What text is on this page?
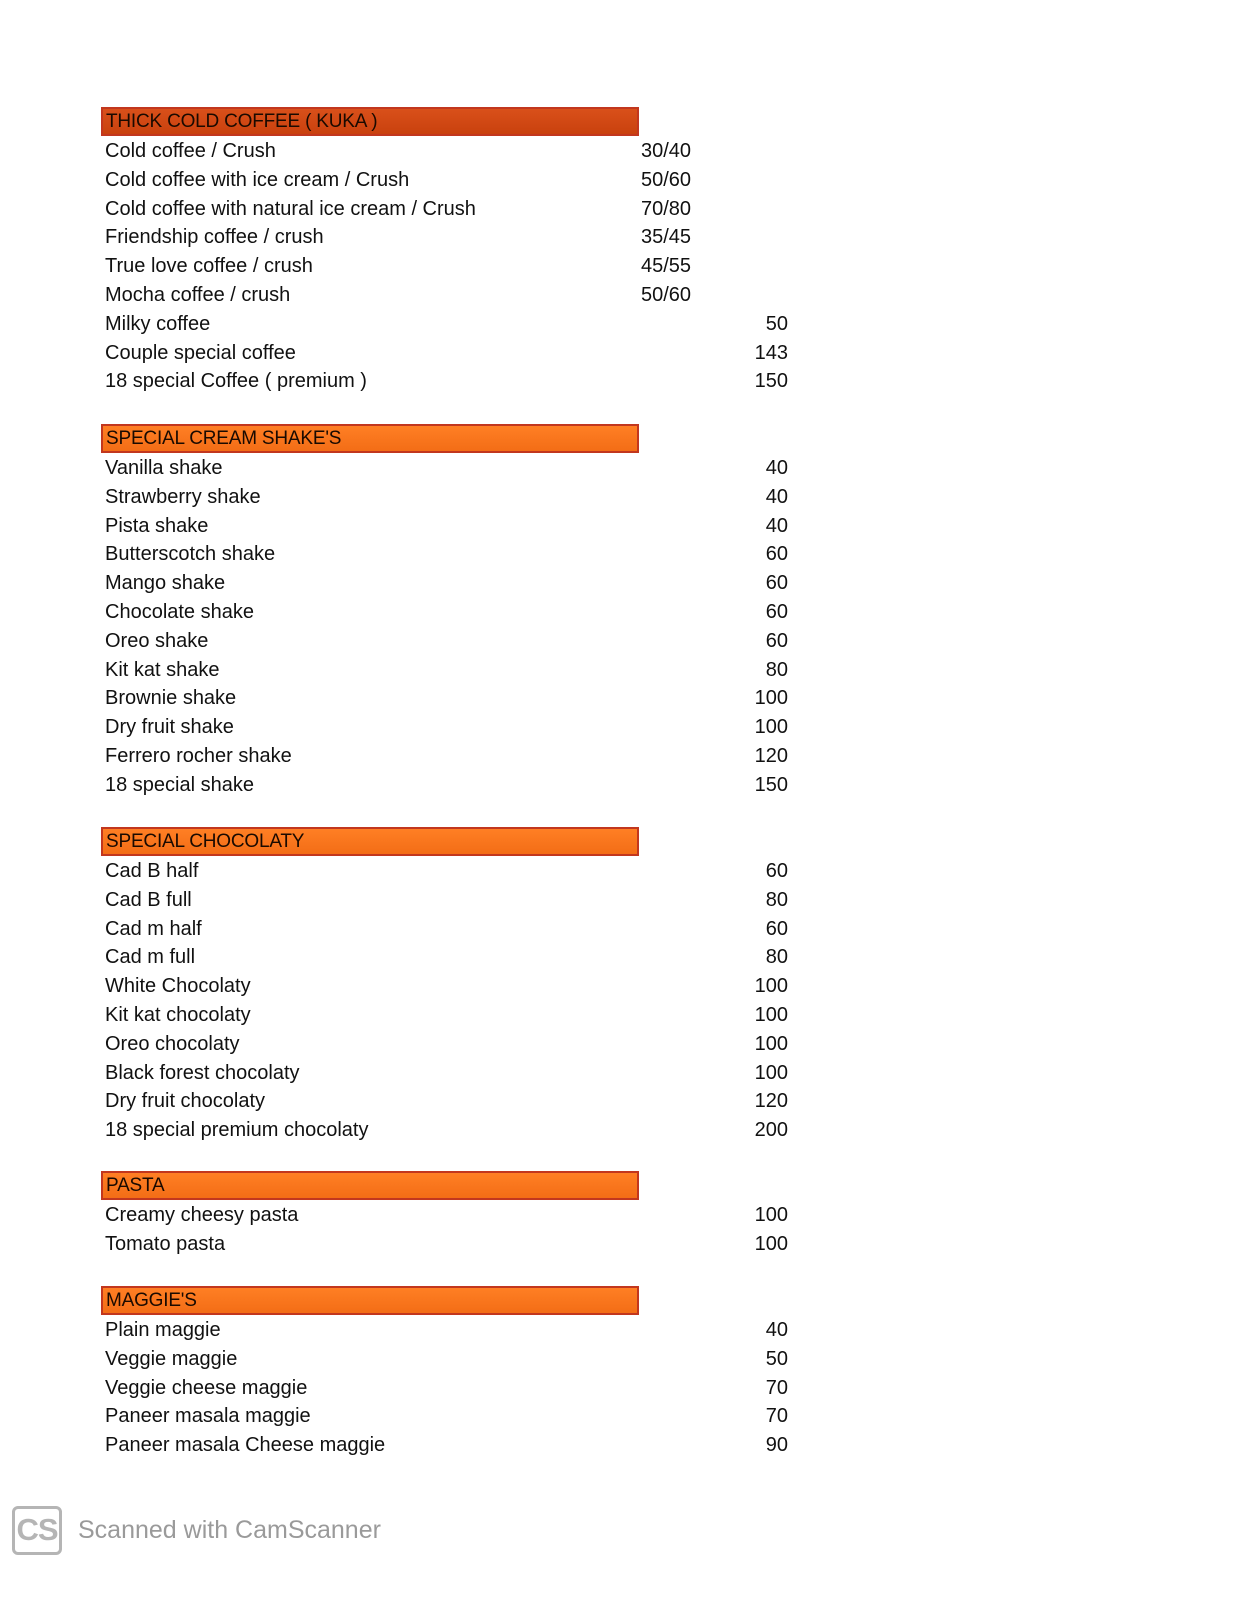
THICK COLD COFFEE ( KUKA )
Cold coffee / Crush	30/40
Cold coffee with ice cream / Crush	50/60
Cold coffee with natural ice cream / Crush	70/80
Friendship coffee / crush	35/45
True love coffee / crush	45/55
Mocha coffee / crush	50/60
Milky coffee	50
Couple special coffee	143
18 special Coffee ( premium )	150
SPECIAL CREAM SHAKE'S
Vanilla shake	40
Strawberry shake	40
Pista shake	40
Butterscotch shake	60
Mango shake	60
Chocolate shake	60
Oreo shake	60
Kit kat shake	80
Brownie shake	100
Dry fruit shake	100
Ferrero rocher shake	120
18 special shake	150
SPECIAL CHOCOLATY
Cad B half	60
Cad B full	80
Cad m half	60
Cad m full	80
White Chocolaty	100
Kit kat chocolaty	100
Oreo chocolaty	100
Black forest chocolaty	100
Dry fruit chocolaty	120
18 special premium chocolaty	200
PASTA
Creamy cheesy pasta	100
Tomato pasta	100
MAGGIE'S
Plain maggie	40
Veggie maggie	50
Veggie cheese maggie	70
Paneer masala maggie	70
Paneer masala Cheese maggie	90
CS Scanned with CamScanner
